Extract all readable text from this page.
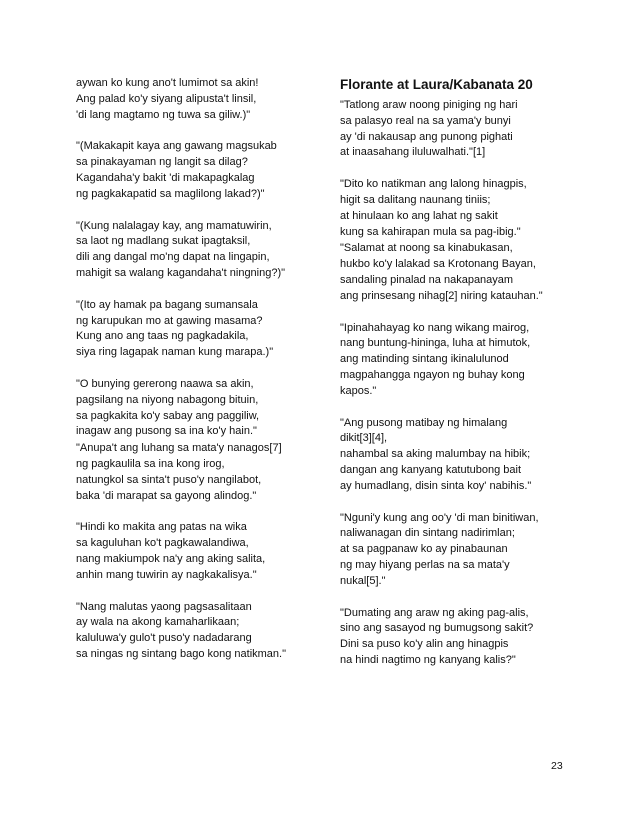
aywan ko kung ano't lumimot sa akin!
Ang palad ko'y siyang alipusta't linsil,
'di lang magtamo ng tuwa sa giliw.)"
"(Makakapit kaya ang gawang magsukab
sa pinakayaman ng langit sa dilag?
Kagandaha'y bakit 'di makapagkalag
ng pagkakapatid sa maglilong lakad?)"
"(Kung nalalagay kay, ang mamatuwirin,
sa laot ng madlang sukat ipagtaksil,
dili ang dangal mo'ng dapat na lingapin,
mahigit sa walang kagandaha't ningning?)"
"(Ito ay hamak pa bagang sumansala
ng karupukan mo at gawing masama?
Kung ano ang taas ng pagkadakila,
siya ring lagapak naman kung marapa.)"
"O bunying gererong naawa sa akin,
pagsilang na niyong nabagong bituin,
sa pagkakita ko'y sabay ang paggiliw,
inagaw ang pusong sa ina ko'y hain."
"Anupa't ang luhang sa mata'y nanagos[7]
ng pagkaulila sa ina kong irog,
natungkol sa sinta't puso'y nangilabot,
baka 'di marapat sa gayong alindog."
"Hindi ko makita ang patas na wika
sa kaguluhan ko't pagkawalandiwa,
nang makiumpok na'y ang aking salita,
anhin mang tuwirin ay nagkakalisya."
"Nang malutas yaong pagsasalitaan
ay wala na akong kamaharlikaan;
kaluluwa'y gulo't puso'y nadadarang
sa ningas ng sintang bago kong natikman."
Florante at Laura/Kabanata 20
"Tatlong araw noong piniging ng hari
sa palasyo real na sa yama'y bunyi
ay 'di nakausap ang punong pighati
at inaasahang iluluwalhati."[1]
"Dito ko natikman ang lalong hinagpis,
higit sa dalitang naunang tiniis;
at hinulaan ko ang lahat ng sakit
kung sa kahirapan mula sa pag-ibig."
"Salamat at noong sa kinabukasan,
hukbo ko'y lalakad sa Krotonang Bayan,
sandaling pinalad na nakapanayam
ang prinsesang nihag[2] niring katauhan."
"Ipinahahayag ko nang wikang mairog,
nang buntung-hininga, luha at himutok,
ang matinding sintang ikinalulunod
magpahangga ngayon ng buhay kong
kapos."
"Ang pusong matibay ng himalang
dikit[3][4],
nahambal sa aking malumbay na hibik;
dangan ang kanyang katutubong bait
ay humadlang, disin sinta koy' nabihis."
"Nguni'y kung ang oo'y 'di man binitiwan,
naliwanagan din sintang nadirimlan;
at sa pagpanaw ko ay pinabaunan
ng may hiyang perlas na sa mata'y
nukal[5]."
"Dumating ang araw ng aking pag-alis,
sino ang sasayod ng bumugsong sakit?
Dini sa puso ko'y alin ang hinagpis
na hindi nagtimo ng kanyang kalis?"
23
